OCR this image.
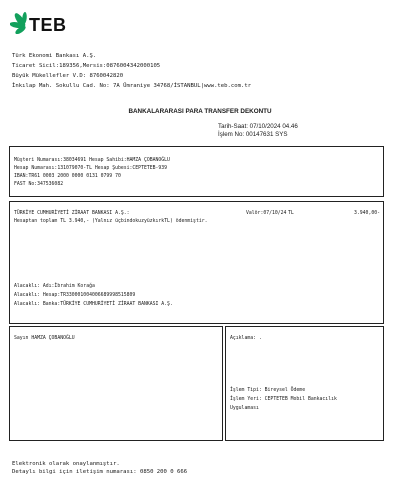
TEB
Türk Ekonomi Bankası A.Ş.
Ticaret Sicil:189356,Mersis:0876004342000105
Büyük Mükellefler V.D: 8760042820
İnkılap Mah. Sokullu Cad. No: 7A Ümraniye 34768/İSTANBUL|www.teb.com.tr
BANKALARARASI PARA TRANSFER DEKONTU
Tarih-Saat: 07/10/2024 04.46
İşlem No: 00147631 SYS
Müşteri Numarası:38034691 Hesap Sahibi:HAMZA ÇOBANOĞLU
Hesap Numarası:131079070-TL Hesap Şubesi:CEPTETEB-939
IBAN:TR61 0003 2000 0000 0131 0799 70
FAST No:347536082
TÜRKİYE CUMHURİYETİ ZİRAAT BANKASI A.Ş.:	Valör:07/10/24 TL	3.940,00-
Hesaptan toplam TL 3.940,- (Yalnız üçbindokuzyüzkırkTL) ödenmiştir.
Alacaklı: Adı:İbrahim Korağa
Alacaklı: Hesap:TR330001004006689998515809
Alacaklı: Banka:TÜRKİYE CUMHURİYETİ ZİRAAT BANKASI A.Ş.
Sayın HAMZA ÇOBANOĞLU	Açıklama: .
İşlem Tipi: Bireysel Ödeme
İşlem Yeri: CEPTETEB Mobil Bankacılık
Uygulaması
Elektronik olarak onaylanmıştır.
Detaylı bilgi için iletişim numarası: 0850 200 0 666
